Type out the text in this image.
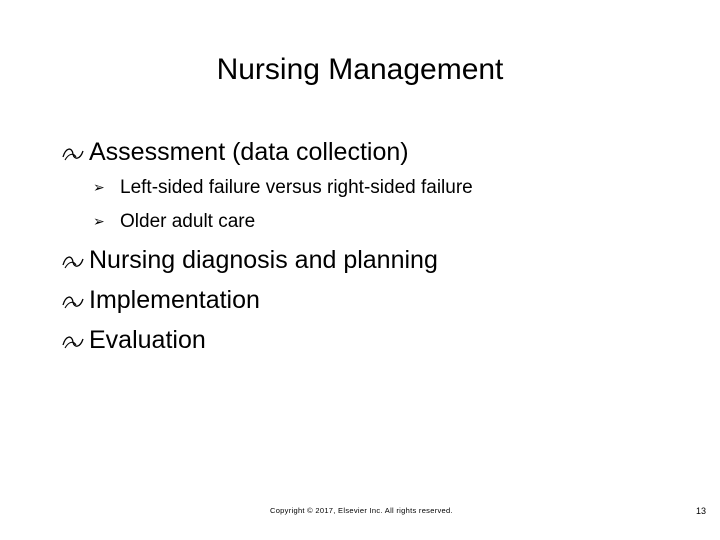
Nursing Management
Assessment (data collection)
➢ Left-sided failure versus right-sided failure
➢ Older adult care
Nursing diagnosis and planning
Implementation
Evaluation
Copyright © 2017, Elsevier Inc. All rights reserved.	13
